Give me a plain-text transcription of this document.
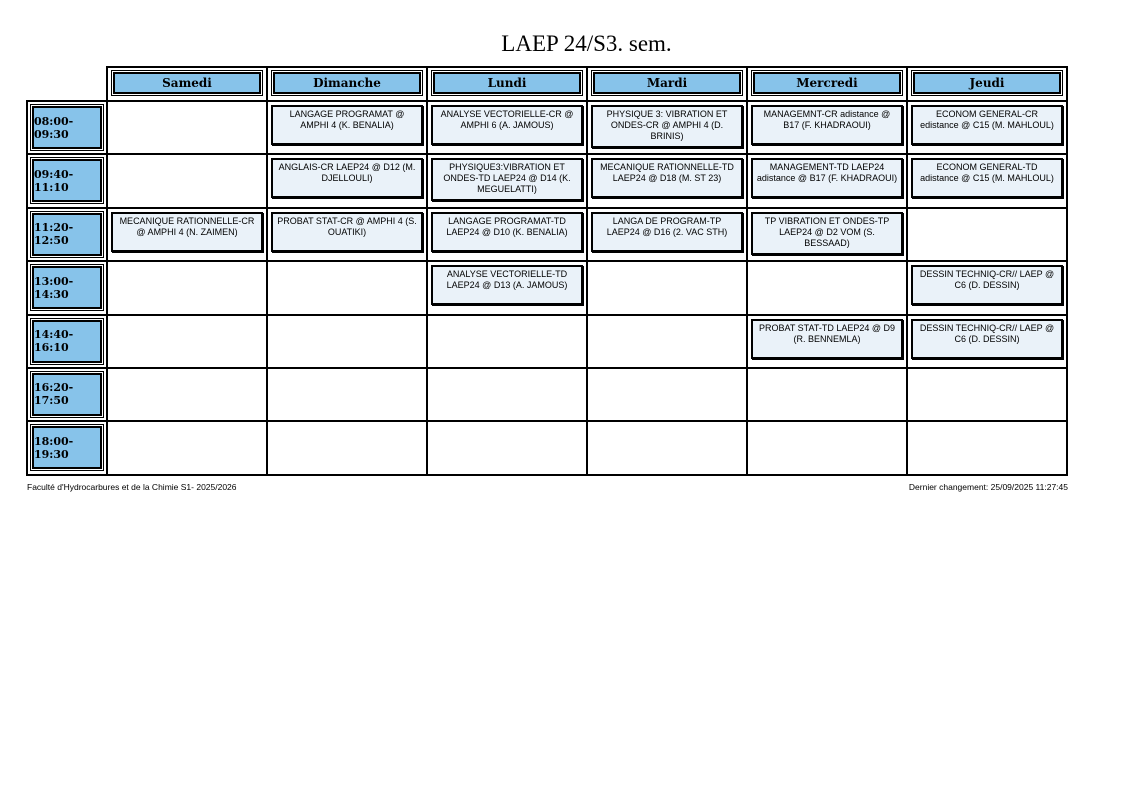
LAEP 24/S3. sem.

Samedi	Dimanche	Lundi	Mardi	Mercredi	Jeudi

08:00-09:30		LANGAGE PROGRAMAT @ AMPHI 4 (K. BENALIA)	ANALYSE VECTORIELLE-CR @ AMPHI 6 (A. JAMOUS)	PHYSIQUE 3: VIBRATION ET ONDES-CR @ AMPHI 4 (D. BRINIS)	MANAGEMNT-CR adistance @ B17 (F. KHADRAOUI)	ECONOM GENERAL-CR edistance @ C15 (M. MAHLOUL)

09:40-11:10		ANGLAIS-CR LAEP24 @ D12 (M. DJELLOULI)	PHYSIQUE3:VIBRATION ET ONDES-TD LAEP24 @ D14 (K. MEGUELATTI)	MECANIQUE RATIONNELLE-TD LAEP24 @ D18 (M. ST 23)	MANAGEMENT-TD LAEP24 adistance @ B17 (F. KHADRAOUI)	ECONOM GENERAL-TD adistance @ C15 (M. MAHLOUL)

11:20-12:50	MECANIQUE RATIONNELLE-CR @ AMPHI 4 (N. ZAIMEN)	PROBAT STAT-CR @ AMPHI 4 (S. OUATIKI)	LANGAGE PROGRAMAT-TD LAEP24 @ D10 (K. BENALIA)	LANGA DE PROGRAM-TP LAEP24 @ D16 (2. VAC STH)	TP VIBRATION ET ONDES-TP LAEP24 @ D2 VOM (S. BESSAAD)	

13:00-14:30			ANALYSE VECTORIELLE-TD LAEP24 @ D13 (A. JAMOUS)			DESSIN TECHNIQ-CR// LAEP @ C6 (D. DESSIN)

14:40-16:10					PROBAT STAT-TD LAEP24 @ D9 (R. BENNEMLA)	DESSIN TECHNIQ-CR// LAEP @ C6 (D. DESSIN)

16:20-17:50						

18:00-19:30						

Faculté d'Hydrocarbures et de la Chimie S1- 2025/2026	Dernier changement: 25/09/2025 11:27:45
